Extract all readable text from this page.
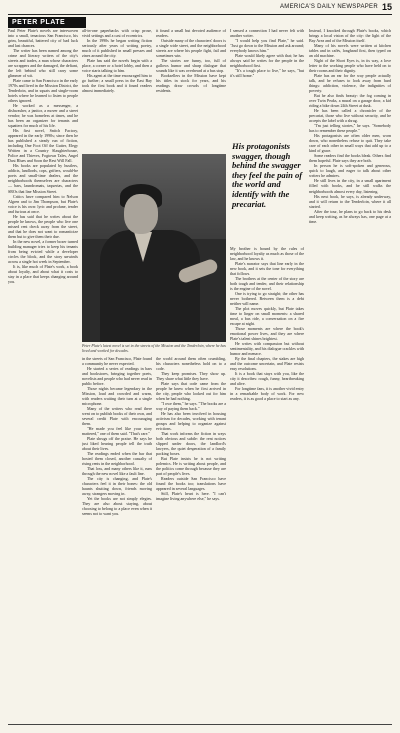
AMERICA'S DAILY NEWSPAPER 15
PETER PLATE

Paul Peter Plate's novels are interwoven into a small, tenacious San Francisco, his grim, beautiful, battered city of bad luck and last chances.

The writer has been named among the crime and literary writers of the city's streets and trades, a man whose characters are scrappers and the damaged, the defiant, the left behind who still carry some glimmer of wit.

Plate came to San Francisco in the early 1970s and lived in the Mission District, the Tenderloin, and in squats and single-room hotels where he learned to listen to people others ignored.

He worked as a messenger, a dishwasher, a janitor, a mover and a street vendor; he was homeless at times, and he has been an organizer for tenants and squatters for much of his life.

His first novel, Snitch Factory, appeared in the early 1990s; since then he has published a steady run of fiction, including One Foot Off the Gutter, Elegy Written in a Country Slaughterhouse, Police and Thieves, Fogtown Tales, Angel Dust Blues and Soon the Rest Will Fall.

His books are populated by hustlers, addicts, landlords, cops, grifters, would-be poets and small-time dealers, and the neighborhoods themselves are characters — bars, laundromats, taquerias, and the SROs that line Mission Street.

Critics have compared him to Nelson Algren and to Jim Thompson, but Plate's voice is his own: lyric and profane, tender and furious at once.

He has said that he writes about the people he knows, the people who live one missed rent check away from the street, and that he does not want to romanticize them but to give them their due.

In the new novel, a former boxer turned building manager tries to keep his tenants from being evicted while a developer circles the block, and the story unwinds across a single hot week in September.

It is, like much of Plate's work, a book about loyalty, and about what it costs to stay in a place that keeps changing around you.

all-in-one paperbacks with crisp prose, vivid settings and a cast of eccentrics.

In the 1990s he began writing fiction seriously after years of writing poetry, much of it published in small presses and zines around the city.

Plate has said the novels begin with a place, a corner or a hotel lobby, and then a voice starts talking to him.

His agent at the time encouraged him to go further; a small press in the East Bay took the first book and it found readers almost immediately.

it found a small but devoted audience of readers.

Outside many of the characters' doors is a single wide street, and the neighborhood streets are where his people fight, fail and sometimes win.

The stories are funny, too, full of gallows humor and sharp dialogue that sounds like it was overheard at a bus stop.

Booksellers in the Mission have kept his titles in stock for years, and his readings draw crowds of longtime residents.

I sensed a connection I had never felt with another writer.

"I would help you find Plate," he said. "Just go down to the Mission and ask around; everybody knows him."

Plate would likely agree with that; he has always said he writes for the people in the neighborhood first.

"It's a tough place to live," he says, "but it's still home."

His protagonists swagger, though behind the swagger they feel the pain of the world and identify with the precariat.
Peter Plate's latest novel is set in the streets of the Mission and the Tenderloin, where he has lived and worked for decades.

in the streets of San Francisco, Plate found a community he never expected.

He started a series of readings in bars and bookstores, bringing together poets, novelists and people who had never read in public before.

Those nights became legendary in the Mission, loud and crowded and warm, with readers waiting their turn at a single microphone.

Many of the writers who read there went on to publish books of their own, and several credit Plate with encouraging them.

"He made you feel like your story mattered," one of them said. "That's rare."

Plate shrugs off the praise. He says he just liked hearing people tell the truth about their lives.

The readings ended when the bar that hosted them closed, another casualty of rising rents in the neighborhood.

That loss, and many others like it, runs through the new novel like a fault line.

The city is changing, and Plate's characters feel it in their bones: the old haunts shutting down, friends moving away, strangers moving in.

Yet the books are not simply elegies. They are also about staying, about choosing to belong to a place even when it seems not to want you.

the world around them often crumbling, his characters nonetheless hold on to a code.

They keep promises. They show up. They share what little they have.

Plate says that code came from the people he knew when he first arrived in the city, people who looked out for him when he had nothing.

"I owe them," he says. "The books are a way of paying them back."

He has also been involved in housing activism for decades, working with tenant groups and helping to organize against evictions.

That work informs the fiction in ways both obvious and subtle: the rent notices slipped under doors, the landlord's lawyers, the quiet desperation of a family packing boxes.

But Plate insists he is not writing polemics. He is writing about people, and the politics come through because they are part of people's lives.

Readers outside San Francisco have found the books too; translations have appeared in several languages.

Still, Plate's heart is here. "I can't imagine living anywhere else," he says.

My brother is bound by the rules of neighborhood loyalty as much as those of the law, and he knows it.

Plate's narrator says that line early in the new book, and it sets the tone for everything that follows.

The brothers at the center of the story are both tough and tender, and their relationship is the engine of the novel.

One is trying to go straight; the other has never bothered. Between them is a debt neither will name.

The plot moves quickly, but Plate takes time to linger on small moments: a shared meal, a bus ride, a conversation on a fire escape at night.

Those moments are where the book's emotional power lives, and they are where Plate's talent shines brightest.

He writes with compassion but without sentimentality, and his dialogue crackles with humor and menace.

By the final chapters, the stakes are high and the outcome uncertain, and Plate resists easy resolutions.

It is a book that stays with you, like the city it describes: rough, funny, heartbreaking and alive.

For longtime fans, it is another vivid entry in a remarkable body of work. For new readers, it is as good a place to start as any.

Instead, I knocked through Plate's books, which brings a local vision of the city: the light of the Bay Area and of the Mission itself.

Many of his novels were written at kitchen tables and in cafés, longhand first, then typed on an old machine.

Night of the Short Eyes is, in its way, a love letter to the working people who have held on to their rooms and their dignity.

Plate has an ear for the way people actually talk, and he refuses to look away from hard things: addiction, violence, the indignities of poverty.

But he also finds beauty: the fog coming in over Twin Peaks, a mural on a garage door, a kid riding a bike down 24th Street at dusk.

He has been called a chronicler of the precariat, those who live without security, and he accepts the label with a shrug.

"I'm just telling stories," he says. "Somebody has to remember these people."

His protagonists are often older men, worn down, who nonetheless refuse to quit. They take care of each other in small ways that add up to a kind of grace.

Some readers find the books bleak. Others find them hopeful. Plate says they are both.

In person he is soft-spoken and generous, quick to laugh, and eager to talk about other writers he admires.

He still lives in the city, in a small apartment filled with books, and he still walks the neighborhoods almost every day, listening.

His next book, he says, is already underway, and it will return to the Tenderloin, where it all started.

After the tour, he plans to go back to his desk and keep writing, as he always has, one page at a time.
